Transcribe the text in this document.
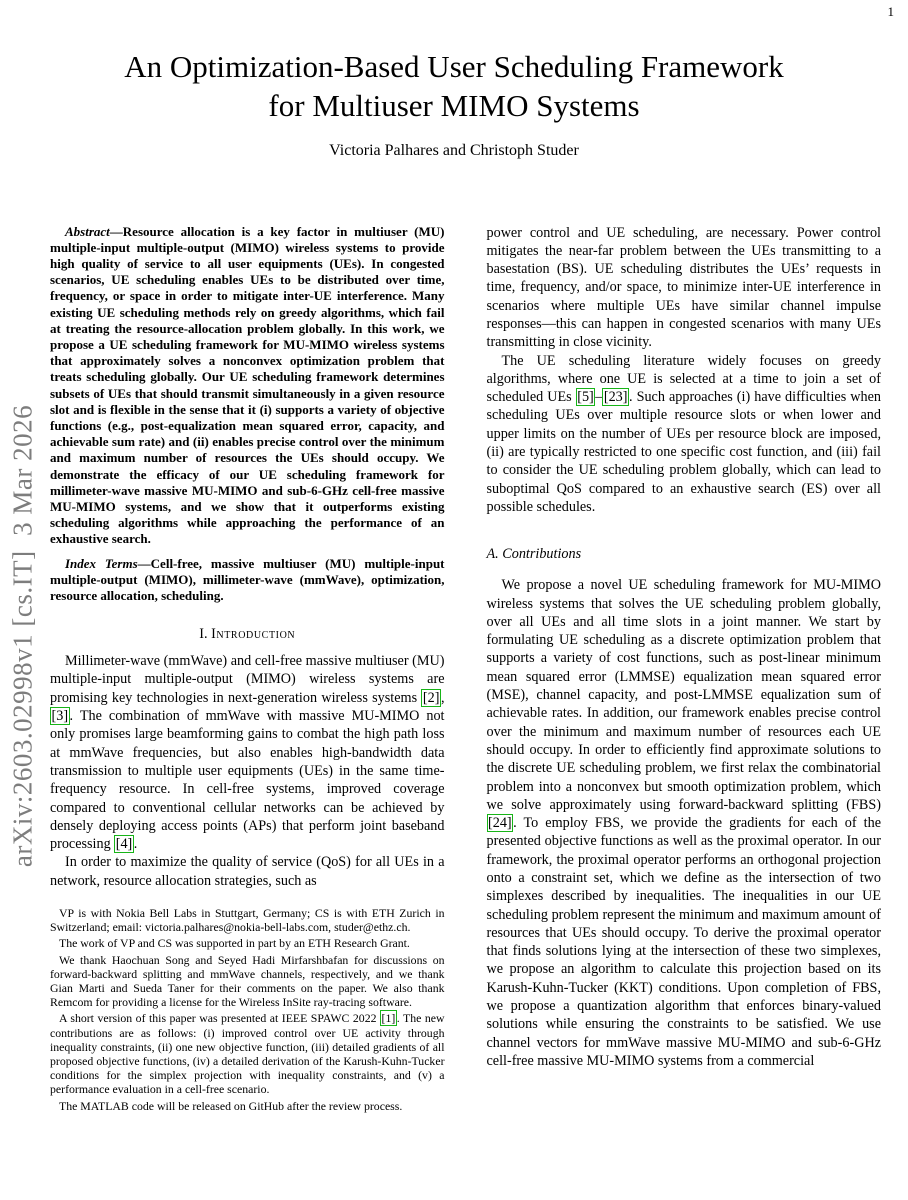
1
arXiv:2603.02998v1 [cs.IT]  3 Mar 2026
An Optimization-Based User Scheduling Framework
for Multiuser MIMO Systems
Victoria Palhares and Christoph Studer

Abstract—Resource allocation is a key factor in multiuser (MU) multiple-input multiple-output (MIMO) wireless systems to provide high quality of service to all user equipments (UEs). In congested scenarios, UE scheduling enables UEs to be distributed over time, frequency, or space in order to mitigate inter-UE interference. Many existing UE scheduling methods rely on greedy algorithms, which fail at treating the resource-allocation problem globally. In this work, we propose a UE scheduling framework for MU-MIMO wireless systems that approximately solves a nonconvex optimization problem that treats scheduling globally. Our UE scheduling framework determines subsets of UEs that should transmit simultaneously in a given resource slot and is flexible in the sense that it (i) supports a variety of objective functions (e.g., post-equalization mean squared error, capacity, and achievable sum rate) and (ii) enables precise control over the minimum and maximum number of resources the UEs should occupy. We demonstrate the efficacy of our UE scheduling framework for millimeter-wave massive MU-MIMO and sub-6-GHz cell-free massive MU-MIMO systems, and we show that it outperforms existing scheduling algorithms while approaching the performance of an exhaustive search.

Index Terms—Cell-free, massive multiuser (MU) multiple-input multiple-output (MIMO), millimeter-wave (mmWave), optimization, resource allocation, scheduling.

I. Introduction

Millimeter-wave (mmWave) and cell-free massive multiuser (MU) multiple-input multiple-output (MIMO) wireless systems are promising key technologies in next-generation wireless systems [2] , [3] . The combination of mmWave with massive MU-MIMO not only promises large beamforming gains to combat the high path loss at mmWave frequencies, but also enables high-bandwidth data transmission to multiple user equipments (UEs) in the same time-frequency resource. In cell-free systems, improved coverage compared to conventional cellular networks can be achieved by densely deploying access points (APs) that perform joint baseband processing [4] .

In order to maximize the quality of service (QoS) for all UEs in a network, resource allocation strategies, such as

VP is with Nokia Bell Labs in Stuttgart, Germany; CS is with ETH Zurich in Switzerland; email: victoria.palhares@nokia-bell-labs.com, studer@ethz.ch.

The work of VP and CS was supported in part by an ETH Research Grant.

We thank Haochuan Song and Seyed Hadi Mirfarshbafan for discussions on forward-backward splitting and mmWave channels, respectively, and we thank Gian Marti and Sueda Taner for their comments on the paper. We also thank Remcom for providing a license for the Wireless InSite ray-tracing software.

A short version of this paper was presented at IEEE SPAWC 2022 [1] . The new contributions are as follows: (i) improved control over UE activity through inequality constraints, (ii) one new objective function, (iii) detailed gradients of all proposed objective functions, (iv) a detailed derivation of the Karush-Kuhn-Tucker conditions for the simplex projection with inequality constraints, and (v) a performance evaluation in a cell-free scenario.

The MATLAB code will be released on GitHub after the review process.

power control and UE scheduling, are necessary. Power control mitigates the near-far problem between the UEs transmitting to a basestation (BS). UE scheduling distributes the UEs’ requests in time, frequency, and/or space, to minimize inter-UE interference in scenarios where multiple UEs have similar channel impulse responses—this can happen in congested scenarios with many UEs transmitting in close vicinity.

The UE scheduling literature widely focuses on greedy algorithms, where one UE is selected at a time to join a set of scheduled UEs [5] – [23] . Such approaches (i) have difficulties when scheduling UEs over multiple resource slots or when lower and upper limits on the number of UEs per resource block are imposed, (ii) are typically restricted to one specific cost function, and (iii) fail to consider the UE scheduling problem globally, which can lead to suboptimal QoS compared to an exhaustive search (ES) over all possible schedules.

A. Contributions

We propose a novel UE scheduling framework for MU-MIMO wireless systems that solves the UE scheduling problem globally, over all UEs and all time slots in a joint manner. We start by formulating UE scheduling as a discrete optimization problem that supports a variety of cost functions, such as post-linear minimum mean squared error (LMMSE) equalization mean squared error (MSE), channel capacity, and post-LMMSE equalization sum of achievable rates. In addition, our framework enables precise control over the minimum and maximum number of resources each UE should occupy. In order to efficiently find approximate solutions to the discrete UE scheduling problem, we first relax the combinatorial problem into a nonconvex but smooth optimization problem, which we solve approximately using forward-backward splitting (FBS) [24] . To employ FBS, we provide the gradients for each of the presented objective functions as well as the proximal operator. In our framework, the proximal operator performs an orthogonal projection onto a constraint set, which we define as the intersection of two simplexes described by inequalities. The inequalities in our UE scheduling problem represent the minimum and maximum amount of resources that UEs should occupy. To derive the proximal operator that finds solutions lying at the intersection of these two simplexes, we propose an algorithm to calculate this projection based on its Karush-Kuhn-Tucker (KKT) conditions. Upon completion of FBS, we propose a quantization algorithm that enforces binary-valued solutions while ensuring the constraints to be satisfied. We use channel vectors for mmWave massive MU-MIMO and sub-6-GHz cell-free massive MU-MIMO systems from a commercial
